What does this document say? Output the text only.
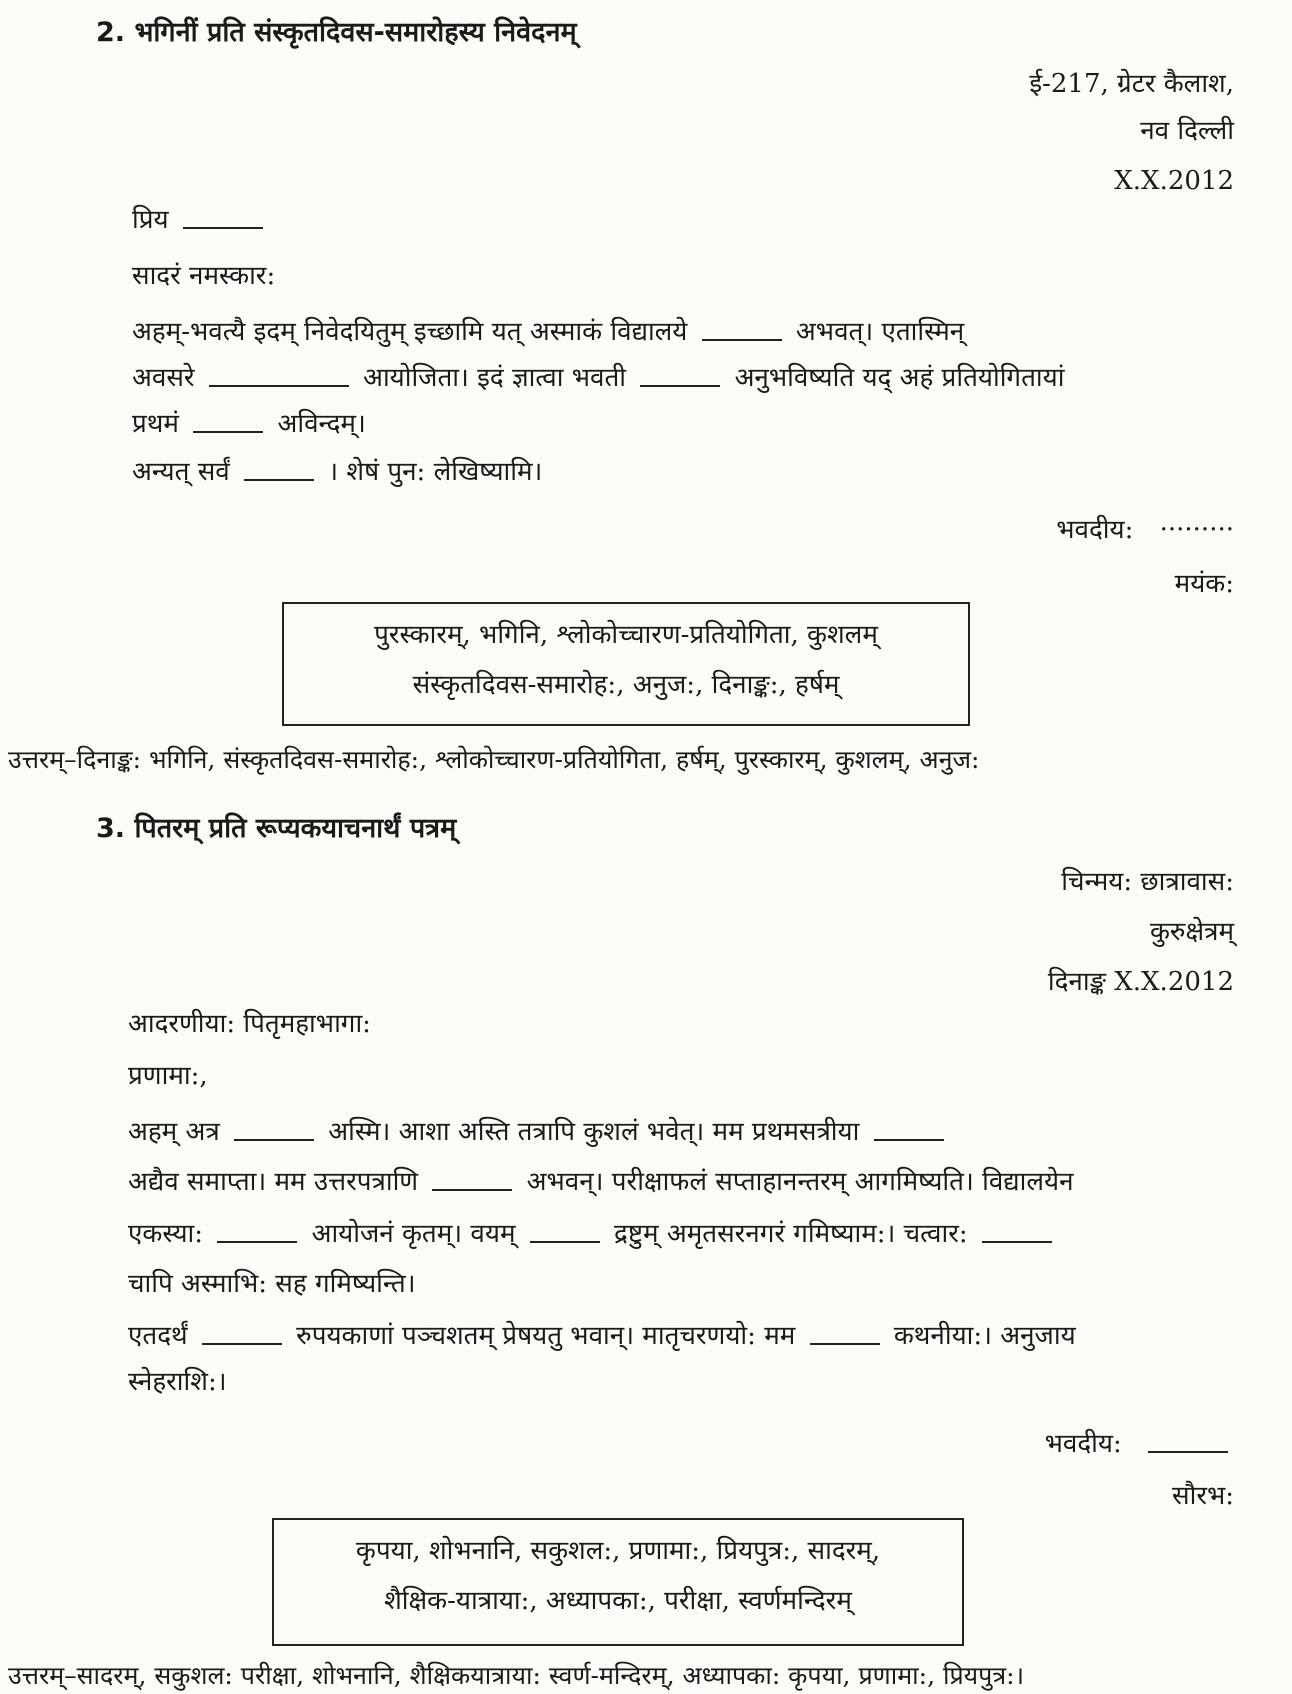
2. भगिनीं प्रति संस्कृतदिवस-समारोहस्य निवेदनम्
ई-217, ग्रेटर कैलाश,
नव दिल्ली
X.X.2012
प्रिय
सादरं नमस्कार:
अहम्-भवत्यै इदम् निवेदयितुम् इच्छामि यत् अस्माकं विद्यालये	अभवत्। एतास्मिन्
अवसरे	आयोजिता। इदं ज्ञात्वा भवती	अनुभविष्यति यद् अहं प्रतियोगितायां
प्रथमं	अविन्दम्।
अन्यत् सर्वं	। शेषं पुन: लेखिष्यामि।
भवदीय: ·········
मयंक:
पुरस्कारम्, भगिनि, श्लोकोच्चारण-प्रतियोगिता, कुशलम्
संस्कृतदिवस-समारोह:, अनुज:, दिनाङ्क:, हर्षम्
उत्तरम्–दिनाङ्क: भगिनि, संस्कृतदिवस-समारोह:, श्लोकोच्चारण-प्रतियोगिता, हर्षम्, पुरस्कारम्, कुशलम्, अनुज:
3. पितरम् प्रति रूप्यकयाचनार्थं पत्रम्
चिन्मय: छात्रावास:
कुरुक्षेत्रम्
दिनाङ्क X.X.2012
आदरणीया: पितृमहाभागा:
प्रणामा:,
अहम् अत्र	अस्मि। आशा अस्ति तत्रापि कुशलं भवेत्। मम प्रथमसत्रीया
अद्यैव समाप्ता। मम उत्तरपत्राणि	अभवन्। परीक्षाफलं सप्ताहानन्तरम् आगमिष्यति। विद्यालयेन
एकस्या:	आयोजनं कृतम्। वयम्	द्रष्टुम् अमृतसरनगरं गमिष्याम:। चत्वार:
चापि अस्माभि: सह गमिष्यन्ति।
एतदर्थं	रुपयकाणां पञ्चशतम् प्रेषयतु भवान्। मातृचरणयो: मम	कथनीया:। अनुजाय
स्नेहराशि:।
भवदीय:
सौरभ:
कृपया, शोभनानि, सकुशल:, प्रणामा:, प्रियपुत्र:, सादरम्,
शैक्षिक-यात्राया:, अध्यापका:, परीक्षा, स्वर्णमन्दिरम्
उत्तरम्–सादरम्, सकुशल: परीक्षा, शोभनानि, शैक्षिकयात्राया: स्वर्ण-मन्दिरम्, अध्यापका: कृपया, प्रणामा:, प्रियपुत्र:।
